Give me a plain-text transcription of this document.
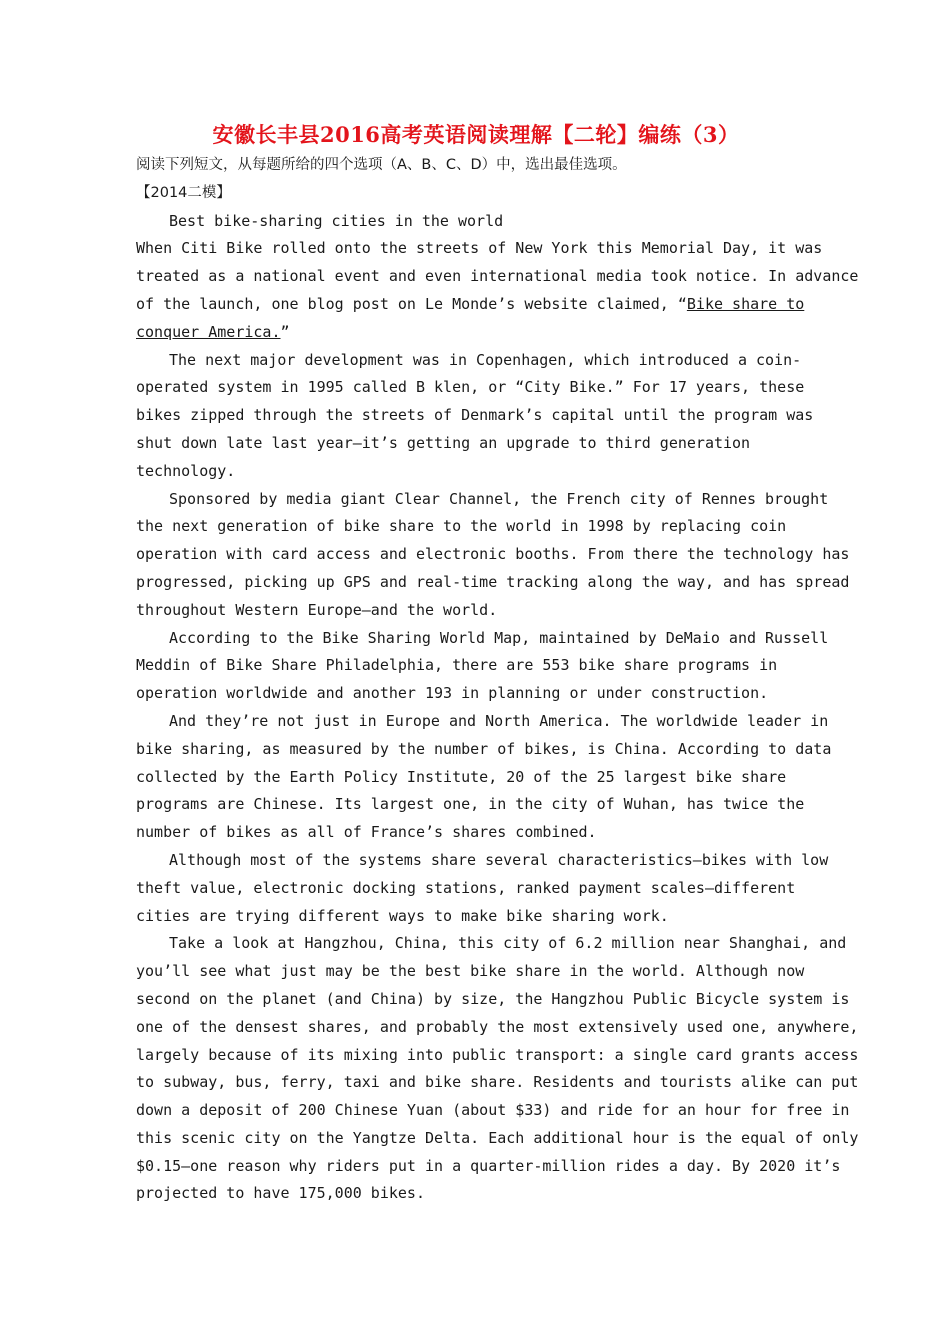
安徽长丰县2016高考英语阅读理解【二轮】编练（3）
阅读下列短文，从每题所给的四个选项（A、B、C、D）中，选出最佳选项。
【2014二模】
Best bike-sharing cities in the world
When Citi Bike rolled onto the streets of New York this Memorial Day, it was
treated as a national event and even international media took notice. In advance
of the launch, one blog post on Le Monde’s website claimed, “Bike share to
conquer America.”
The next major development was in Copenhagen, which introduced a coin-
operated system in 1995 called B klen, or “City Bike.” For 17 years, these
bikes zipped through the streets of Denmark’s capital until the program was
shut down late last year—it’s getting an upgrade to third generation
technology.
Sponsored by media giant Clear Channel, the French city of Rennes brought
the next generation of bike share to the world in 1998 by replacing coin
operation with card access and electronic booths. From there the technology has
progressed, picking up GPS and real-time tracking along the way, and has spread
throughout Western Europe—and the world.
According to the Bike Sharing World Map, maintained by DeMaio and Russell
Meddin of Bike Share Philadelphia, there are 553 bike share programs in
operation worldwide and another 193 in planning or under construction.
And they’re not just in Europe and North America. The worldwide leader in
bike sharing, as measured by the number of bikes, is China. According to data
collected by the Earth Policy Institute, 20 of the 25 largest bike share
programs are Chinese. Its largest one, in the city of Wuhan, has twice the
number of bikes as all of France’s shares combined.
Although most of the systems share several characteristics—bikes with low
theft value, electronic docking stations, ranked payment scales—different
cities are trying different ways to make bike sharing work.
Take a look at Hangzhou, China, this city of 6.2 million near Shanghai, and
you’ll see what just may be the best bike share in the world. Although now
second on the planet (and China) by size, the Hangzhou Public Bicycle system is
one of the densest shares, and probably the most extensively used one, anywhere,
largely because of its mixing into public transport: a single card grants access
to subway, bus, ferry, taxi and bike share. Residents and tourists alike can put
down a deposit of 200 Chinese Yuan (about $33) and ride for an hour for free in
this scenic city on the Yangtze Delta. Each additional hour is the equal of only
$0.15—one reason why riders put in a quarter-million rides a day. By 2020 it’s
projected to have 175,000 bikes.
